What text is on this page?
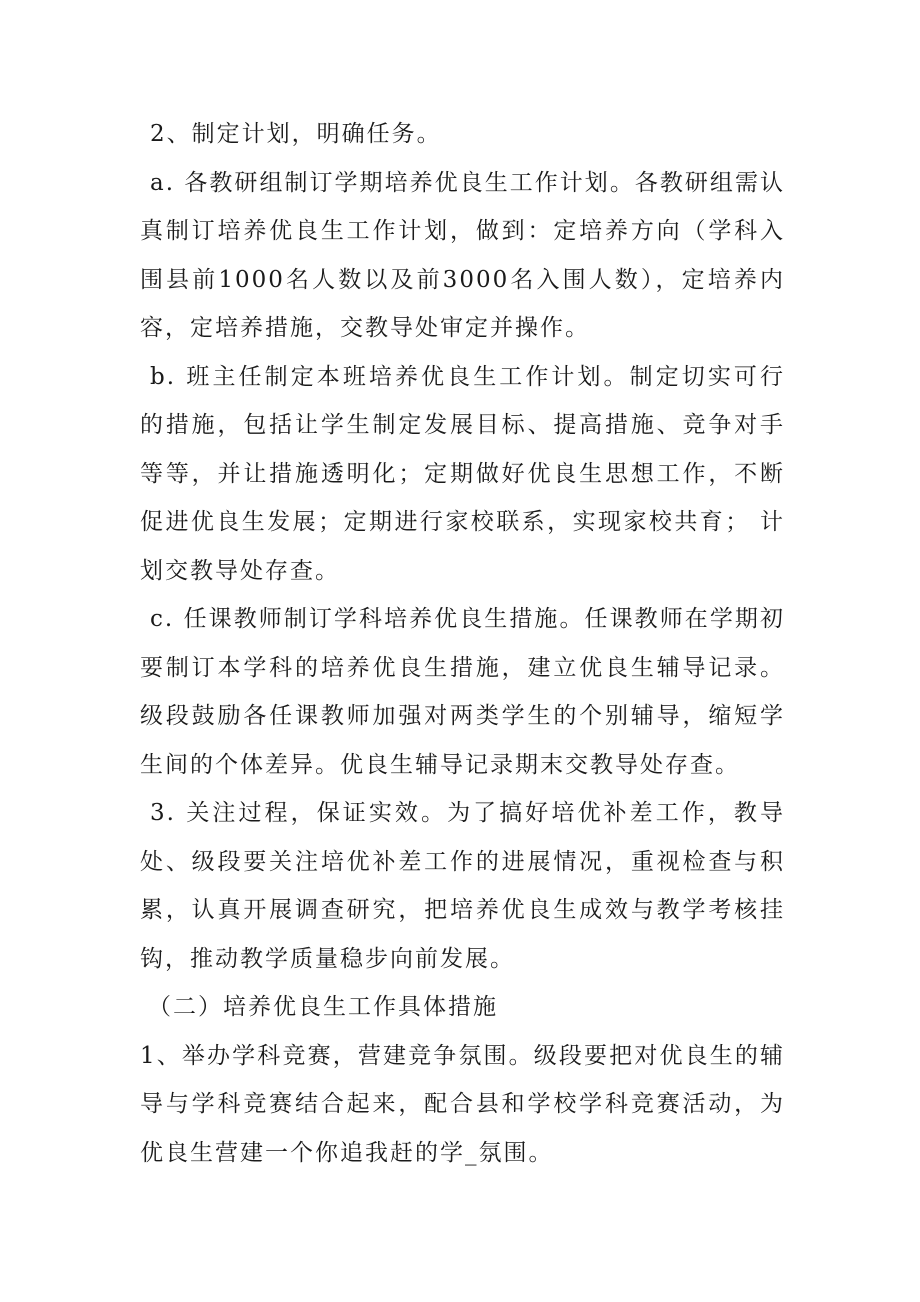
2、制定计划，明确任务。

a. 各教研组制订学期培养优良生工作计划。各教研组需认真制订培养优良生工作计划，做到：定培养方向（学科入围县前1000名人数以及前3000名入围人数），定培养内容，定培养措施，交教导处审定并操作。

b. 班主任制定本班培养优良生工作计划。制定切实可行的措施，包括让学生制定发展目标、提高措施、竞争对手等等，并让措施透明化；定期做好优良生思想工作，不断促进优良生发展；定期进行家校联系，实现家校共育； 计划交教导处存查。

c. 任课教师制订学科培养优良生措施。任课教师在学期初要制订本学科的培养优良生措施，建立优良生辅导记录。级段鼓励各任课教师加强对两类学生的个别辅导，缩短学生间的个体差异。优良生辅导记录期末交教导处存查。

3. 关注过程，保证实效。为了搞好培优补差工作，教导处、级段要关注培优补差工作的进展情况，重视检查与积累，认真开展调查研究，把培养优良生成效与教学考核挂钩，推动教学质量稳步向前发展。

（二）培养优良生工作具体措施

1、举办学科竞赛，营建竞争氛围。级段要把对优良生的辅导与学科竞赛结合起来，配合县和学校学科竞赛活动，为优良生营建一个你追我赶的学_氛围。
